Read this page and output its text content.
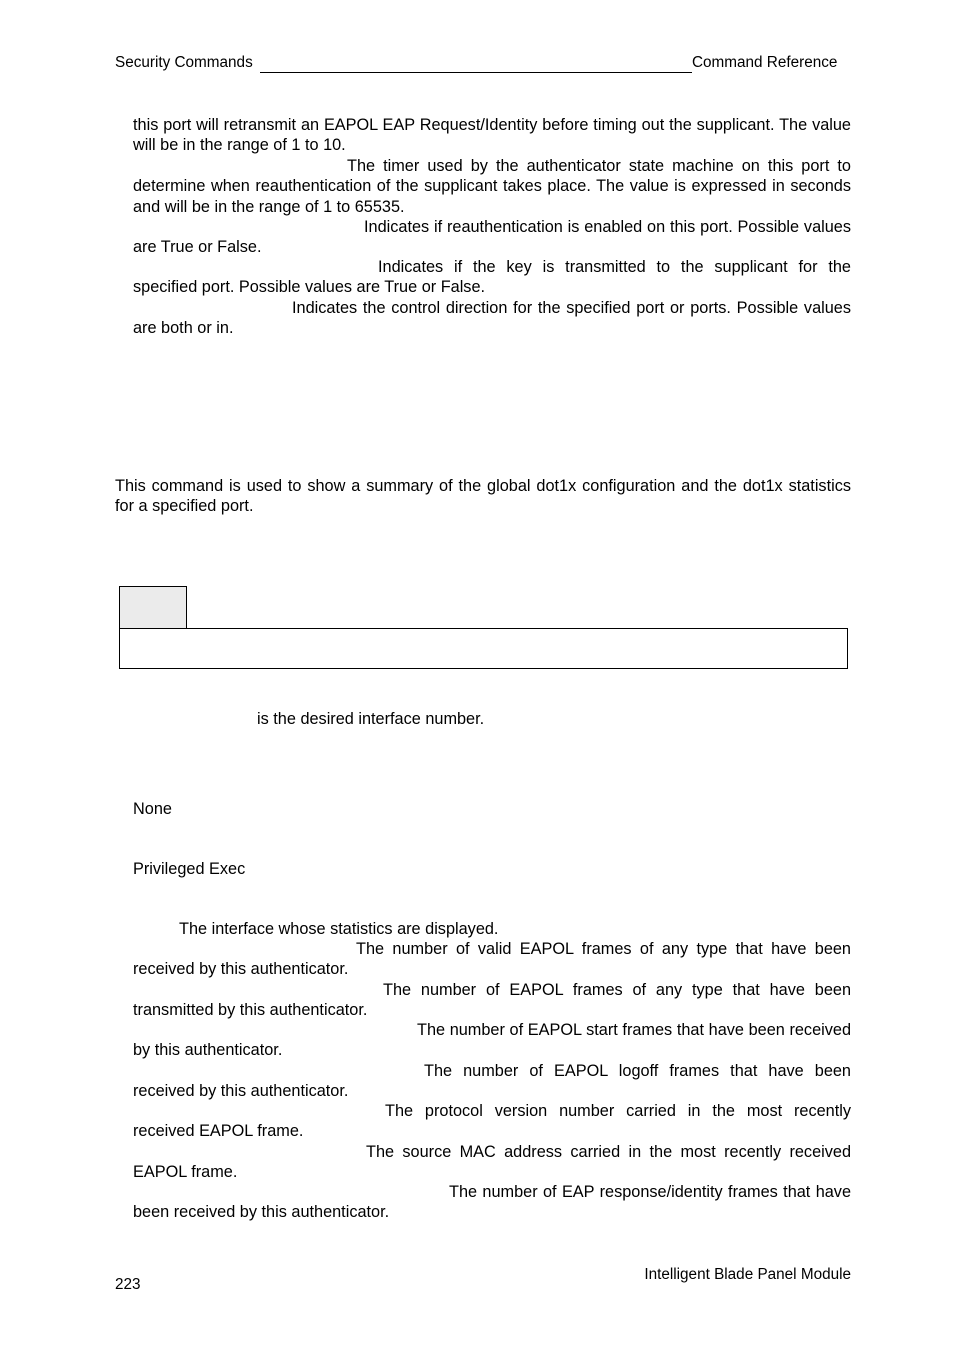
Security Commands	Command Reference
this port will retransmit an EAPOL EAP Request/Identity before timing out the supplicant. The value will be in the range of 1 to 10.
The timer used by the authenticator state machine on this port to determine when reauthentication of the supplicant takes place. The value is expressed in seconds and will be in the range of 1 to 65535.
Indicates if reauthentication is enabled on this port. Possible values are True or False.
Indicates if the key is transmitted to the supplicant for the specified port. Possible values are True or False.
Indicates the control direction for the specified port or ports. Possible values are both or in.
This command is used to show a summary of the global dot1x configuration and the dot1x statistics for a specified port.
is the desired interface number.
None
Privileged Exec
The interface whose statistics are displayed.
The number of valid EAPOL frames of any type that have been received by this authenticator.
The number of EAPOL frames of any type that have been transmitted by this authenticator.
The number of EAPOL start frames that have been received by this authenticator.
The number of EAPOL logoff frames that have been received by this authenticator.
The protocol version number carried in the most recently received EAPOL frame.
The source MAC address carried in the most recently received EAPOL frame.
The number of EAP response/identity frames that have been received by this authenticator.
223
Intelligent Blade Panel Module
